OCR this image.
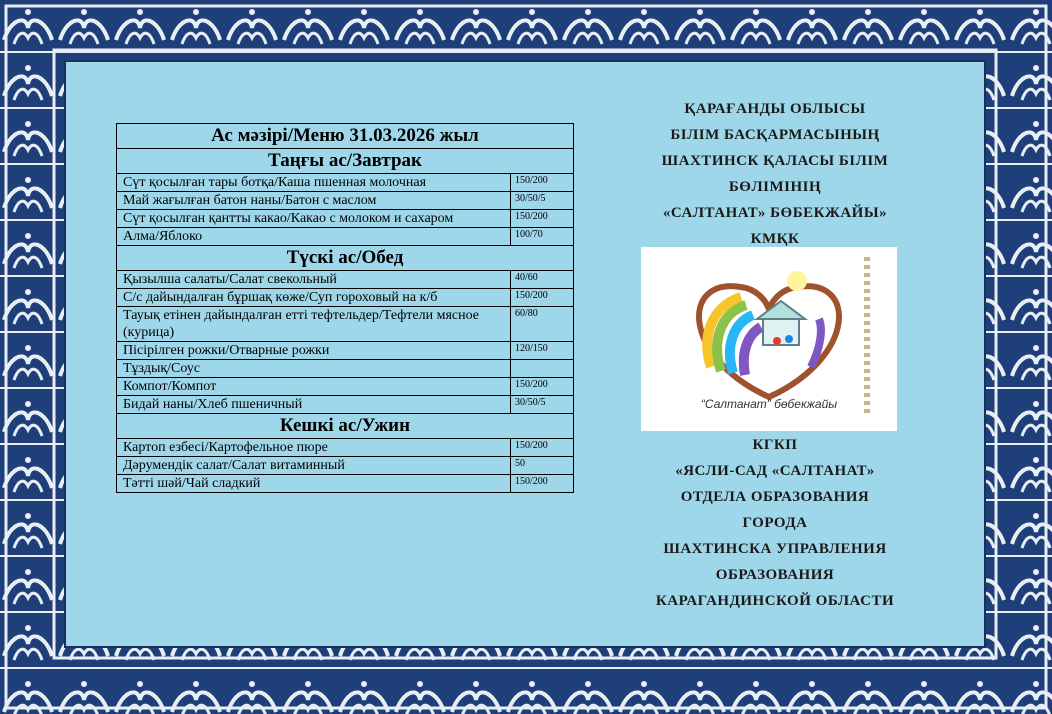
Ас мәзірі/Меню 31.03.2026 жыл	
Таңғы ас/Завтрак	
Сүт қосылған тары ботқа/Каша пшенная молочная	150/200
Май жағылған батон наны/Батон с маслом	30/50/5
Сүт қосылған қантты какао/Какао с молоком и сахаром	150/200
Алма/Яблоко	100/70
Түскі ас/Обед	
Қызылша салаты/Салат свекольный	40/60
С/с дайындалған бұршақ көже/Суп гороховый на к/б	150/200
Тауық етінен дайындалған етті тефтельдер/Тефтели мясное (курица)	60/80
Пісірілген рожки/Отварные рожки	120/150
Тұздық/Соус	
Компот/Компот	150/200
Бидай наны/Хлеб пшеничный	30/50/5
Кешкі ас/Ужин	
Картоп езбесі/Картофельное пюре	150/200
Дәрумендік салат/Салат витаминный	50
Тәтті шәй/Чай сладкий	150/200
ҚАРАҒАНДЫ ОБЛЫСЫ
БІЛІМ БАСҚАРМАСЫНЫҢ
ШАХТИНСК ҚАЛАСЫ БІЛІМ
БӨЛІМІНІҢ
«САЛТАНАТ» БӨБЕКЖАЙЫ»
КМҚК
“Салтанат” бөбекжайы
КГКП
«ЯСЛИ-САД «САЛТАНАТ»
ОТДЕЛА ОБРАЗОВАНИЯ
ГОРОДА
ШАХТИНСКА УПРАВЛЕНИЯ
ОБРАЗОВАНИЯ
КАРАГАНДИНСКОЙ ОБЛАСТИ
